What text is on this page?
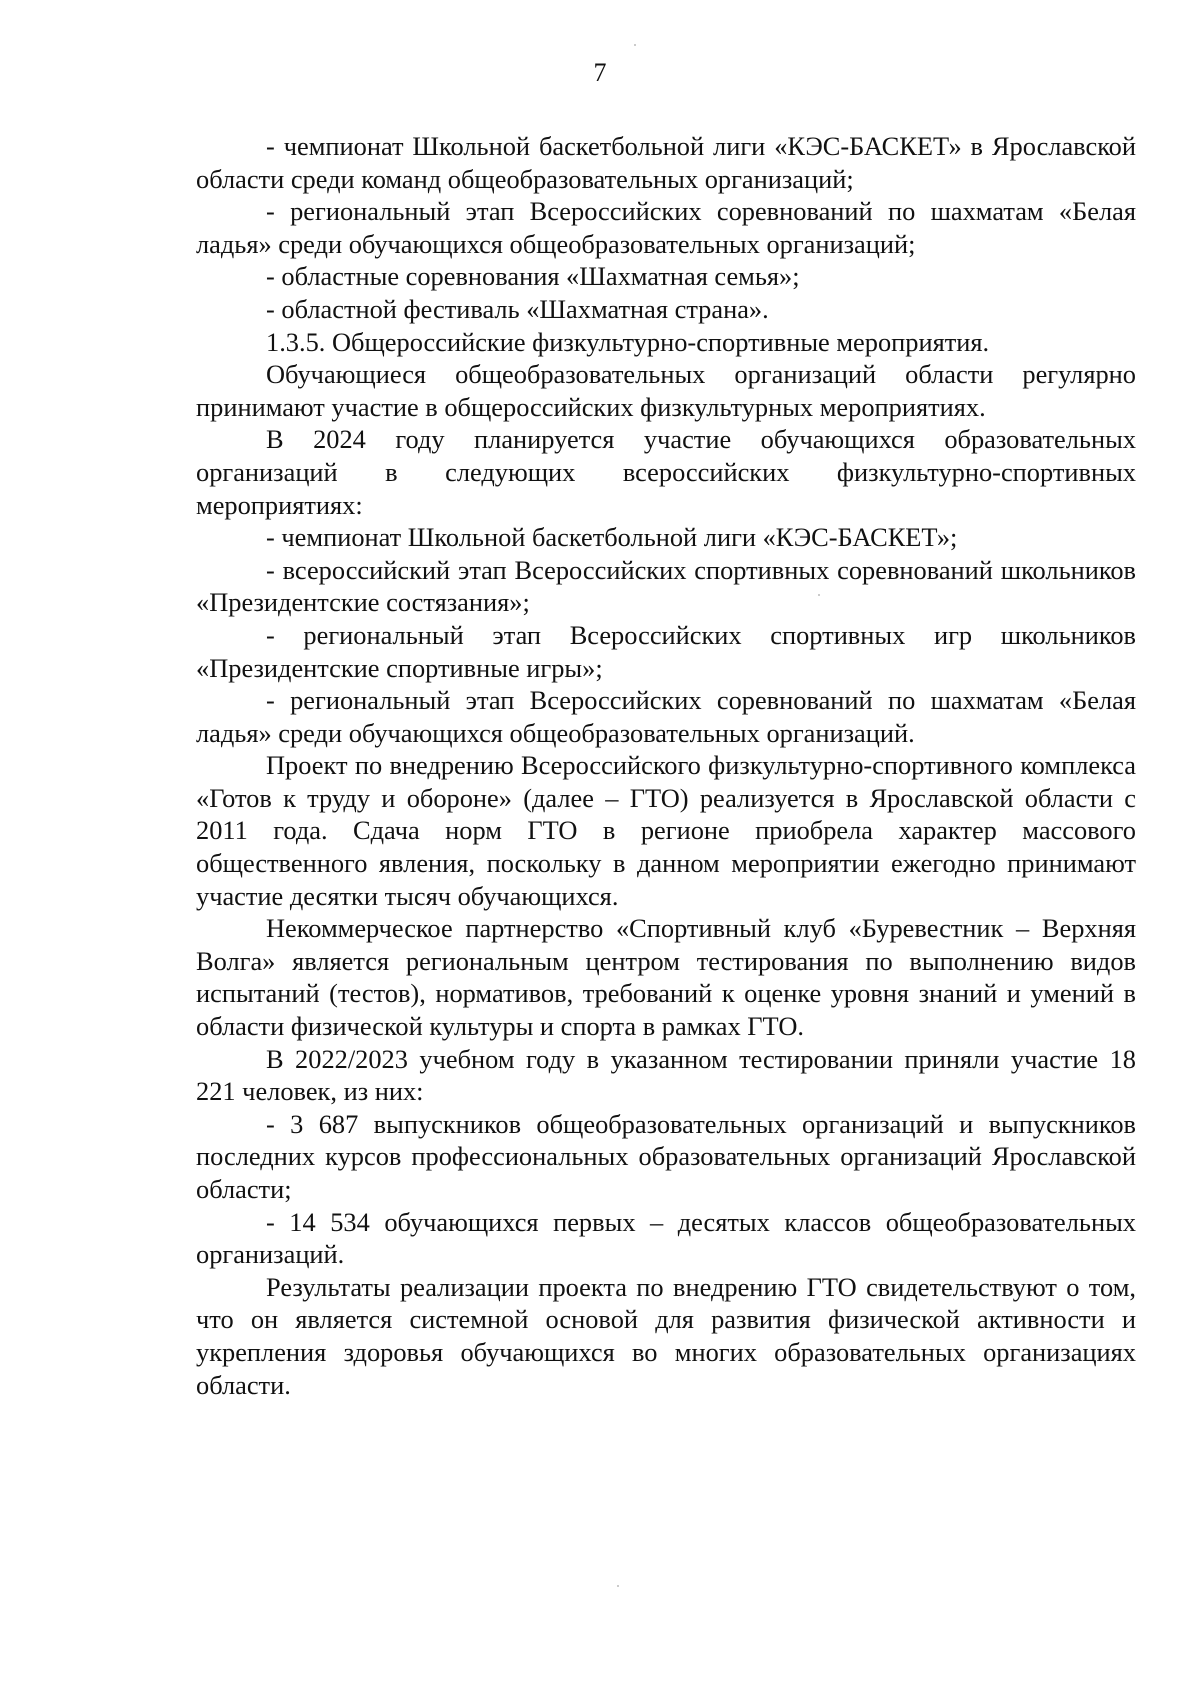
7

- чемпионат Школьной баскетбольной лиги «КЭС-БАСКЕТ» в Ярославской области среди команд общеобразовательных организаций;

- региональный этап Всероссийских соревнований по шахматам «Белая ладья» среди обучающихся общеобразовательных организаций;

- областные соревнования «Шахматная семья»;

- областной фестиваль «Шахматная страна».

1.3.5. Общероссийские физкультурно-спортивные мероприятия.

Обучающиеся общеобразовательных организаций области регулярно принимают участие в общероссийских физкультурных мероприятиях.

В 2024 году планируется участие обучающихся образовательных организаций в следующих всероссийских физкультурно-спортивных мероприятиях:

- чемпионат Школьной баскетбольной лиги «КЭС-БАСКЕТ»;

- всероссийский этап Всероссийских спортивных соревнований школьников «Президентские состязания»;

- региональный этап Всероссийских спортивных игр школьников «Президентские спортивные игры»;

- региональный этап Всероссийских соревнований по шахматам «Белая ладья» среди обучающихся общеобразовательных организаций.

Проект по внедрению Всероссийского физкультурно-спортивного комплекса «Готов к труду и обороне» (далее – ГТО) реализуется в Ярославской области с 2011 года. Сдача норм ГТО в регионе приобрела характер массового общественного явления, поскольку в данном мероприятии ежегодно принимают участие десятки тысяч обучающихся.

Некоммерческое партнерство «Спортивный клуб «Буревестник – Верхняя Волга» является региональным центром тестирования по выполнению видов испытаний (тестов), нормативов, требований к оценке уровня знаний и умений в области физической культуры и спорта в рамках ГТО.

В 2022/2023 учебном году в указанном тестировании приняли участие 18 221 человек, из них:

- 3 687 выпускников общеобразовательных организаций и выпускников последних курсов профессиональных образовательных организаций Ярославской области;

- 14 534 обучающихся первых – десятых классов общеобразовательных организаций.

Результаты реализации проекта по внедрению ГТО свидетельствуют о том, что он является системной основой для развития физической активности и укрепления здоровья обучающихся во многих образовательных организациях области.
